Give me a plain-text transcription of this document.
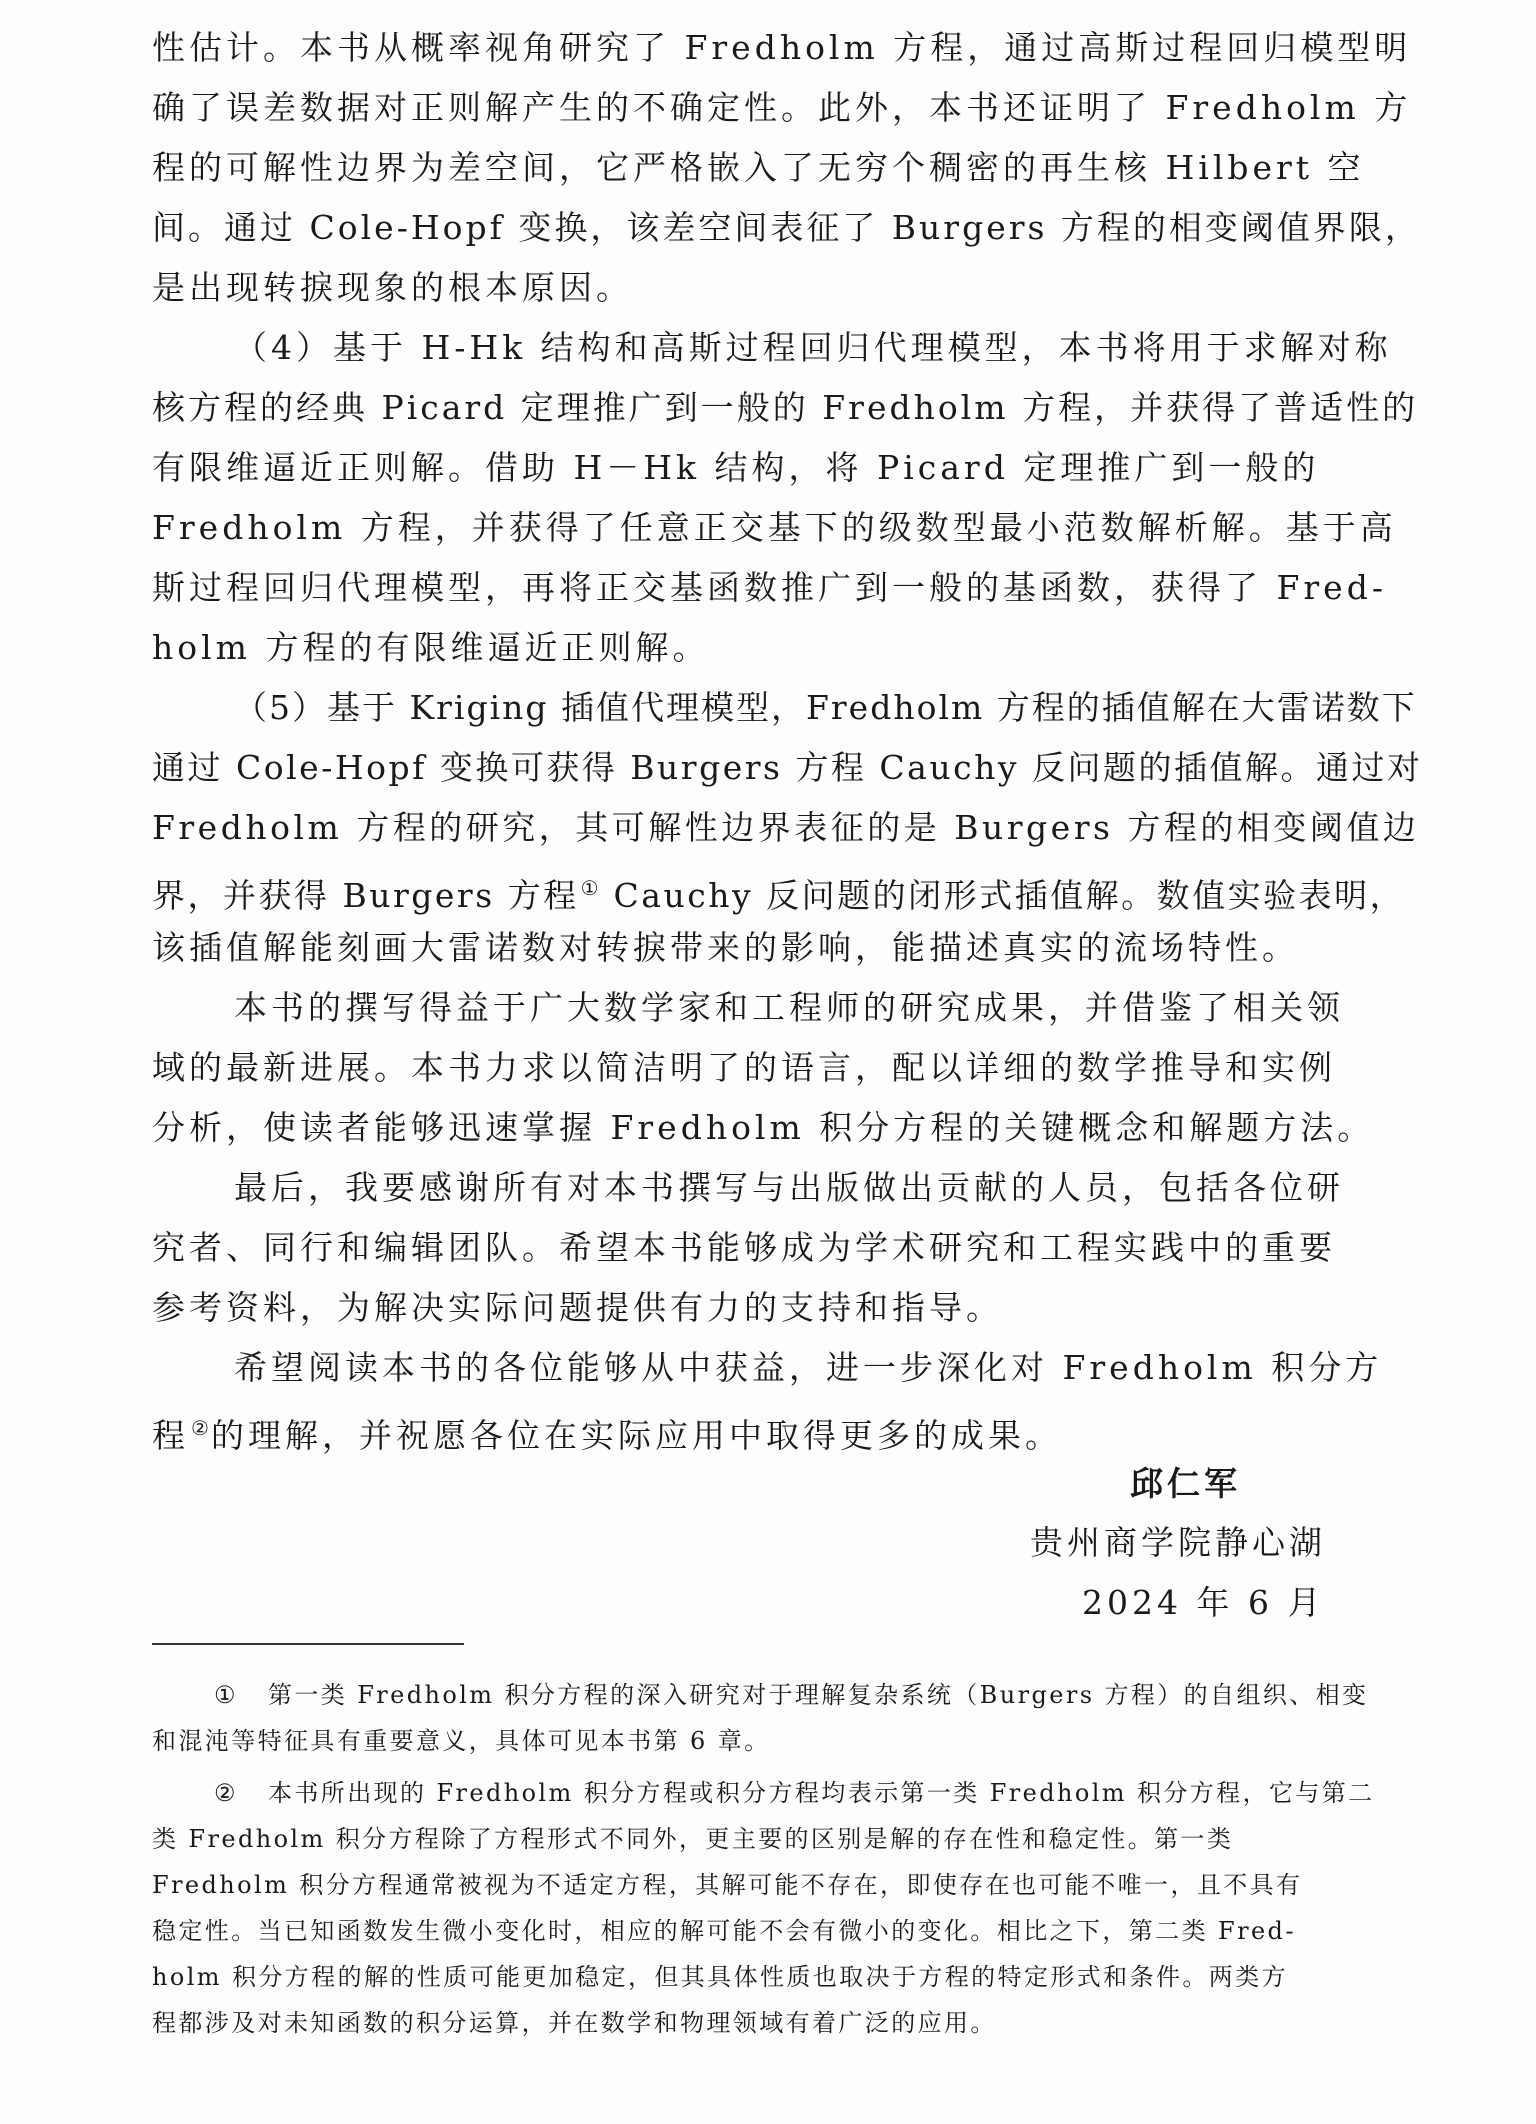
性估计。本书从概率视角研究了 Fredholm 方程，通过高斯过程回归模型明
确了误差数据对正则解产生的不确定性。此外，本书还证明了 Fredholm 方
程的可解性边界为差空间，它严格嵌入了无穷个稠密的再生核 Hilbert 空
间。通过 Cole-Hopf 变换，该差空间表征了 Burgers 方程的相变阈值界限，
是出现转捩现象的根本原因。
（4）基于 H-Hk 结构和高斯过程回归代理模型，本书将用于求解对称
核方程的经典 Picard 定理推广到一般的 Fredholm 方程，并获得了普适性的
有限维逼近正则解。借助 H－Hk 结构，将 Picard 定理推广到一般的
Fredholm 方程，并获得了任意正交基下的级数型最小范数解析解。基于高
斯过程回归代理模型，再将正交基函数推广到一般的基函数，获得了 Fred-
holm 方程的有限维逼近正则解。
（5）基于 Kriging 插值代理模型，Fredholm 方程的插值解在大雷诺数下
通过 Cole-Hopf 变换可获得 Burgers 方程 Cauchy 反问题的插值解。通过对
Fredholm 方程的研究，其可解性边界表征的是 Burgers 方程的相变阈值边
界，并获得 Burgers 方程 ① Cauchy 反问题的闭形式插值解。数值实验表明，
该插值解能刻画大雷诺数对转捩带来的影响，能描述真实的流场特性。
本书的撰写得益于广大数学家和工程师的研究成果，并借鉴了相关领
域的最新进展。本书力求以简洁明了的语言，配以详细的数学推导和实例
分析，使读者能够迅速掌握 Fredholm 积分方程的关键概念和解题方法。
最后，我要感谢所有对本书撰写与出版做出贡献的人员，包括各位研
究者、同行和编辑团队。希望本书能够成为学术研究和工程实践中的重要
参考资料，为解决实际问题提供有力的支持和指导。
希望阅读本书的各位能够从中获益，进一步深化对 Fredholm 积分方
程 ②的理解，并祝愿各位在实际应用中取得更多的成果。
邱仁军
贵州商学院静心湖
2024 年 6 月
① 第一类 Fredholm 积分方程的深入研究对于理解复杂系统（Burgers 方程）的自组织、相变
和混沌等特征具有重要意义，具体可见本书第 6 章。
② 本书所出现的 Fredholm 积分方程或积分方程均表示第一类 Fredholm 积分方程，它与第二
类 Fredholm 积分方程除了方程形式不同外，更主要的区别是解的存在性和稳定性。第一类
Fredholm 积分方程通常被视为不适定方程，其解可能不存在，即使存在也可能不唯一，且不具有
稳定性。当已知函数发生微小变化时，相应的解可能不会有微小的变化。相比之下，第二类 Fred-
holm 积分方程的解的性质可能更加稳定，但其具体性质也取决于方程的特定形式和条件。两类方
程都涉及对未知函数的积分运算，并在数学和物理领域有着广泛的应用。
